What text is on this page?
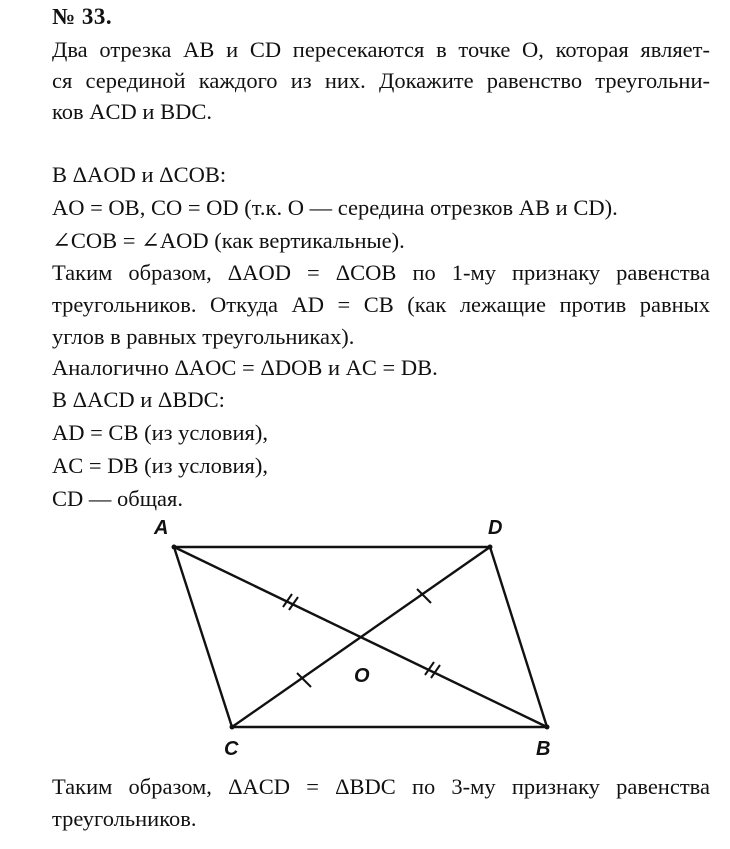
№ 33.
Два отрезка AB и CD пересекаются в точке O, которая являет-
ся серединой каждого из них. Докажите равенство треугольни-
ков ACD и BDC.
В ΔAOD и ΔCOB:
AO = OB, CO = OD (т.к. O — середина отрезков AB и CD).
∠COB = ∠AOD (как вертикальные).
Таким образом, ΔAOD = ΔCOB по 1-му признаку равенства
треугольников. Откуда AD = CB (как лежащие против равных
углов в равных треугольниках).
Аналогично ΔAOC = ΔDOB и AC = DB.
В ΔACD и ΔBDC:
AD = CB (из условия),
AC = DB (из условия),
CD — общая.
A	D
C	B
O
Таким образом, ΔACD = ΔBDC по 3-му признаку равенства
треугольников.
